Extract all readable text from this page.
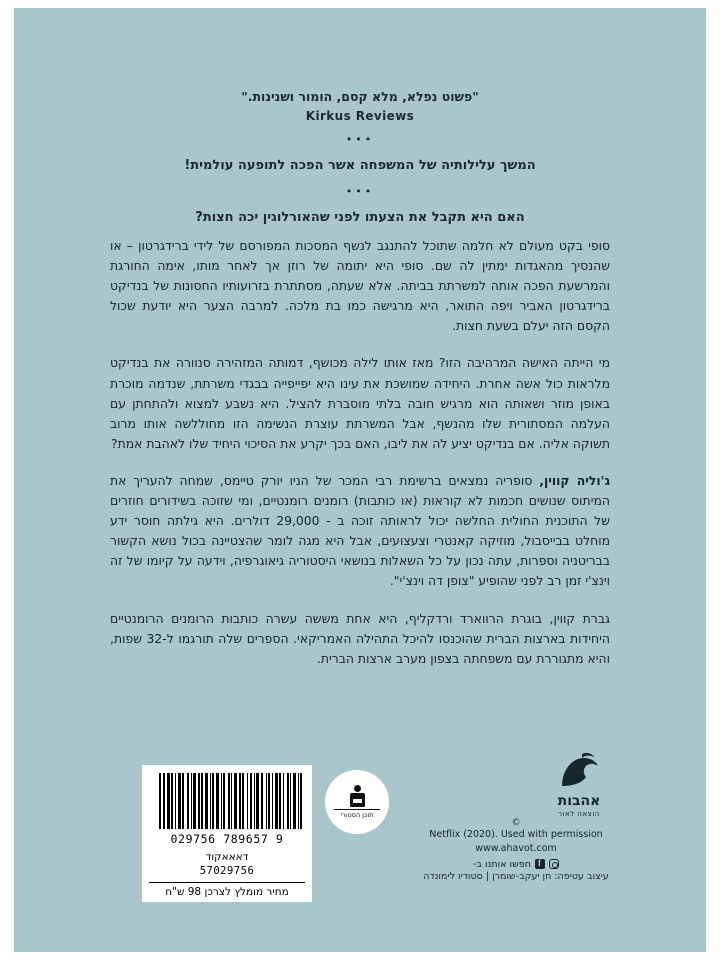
"פשוט נפלא, מלא קסם, הומור ושנינות."
Kirkus Reviews
•••
המשך עלילותיה של המשפחה אשר הפכה לתופעה עולמית!
•••
האם היא תקבל את הצעתו לפני שהאורלוגין יכה חצות?

סופי בקט מעולם לא חלמה שתוכל להתנגב לנשף המסכות המפורסם של לידי ברידגרטון – או שהנסיך מהאגדות ימתין לה שם. סופי היא יתומה של רוזן אך לאחר מותו, אימה החורגת והמרשעת הפכה אותה למשרתת בביתה. אלא שעתה, מסתתרת בזרועותיו החסונות של בנדיקט ברידגרטון האביר ויפה התואר, היא מרגישה כמו בת מלכה. למרבה הצער היא יודעת שכול הקסם הזה יעלם בשעת חצות.

מי הייתה האישה המרהיבה הזו? מאז אותו לילה מכושף, דמותה המזהירה סנוורה את בנדיקט מלראות כול אשה אחרת. היחידה שמושכת את עינו היא יפייפייה בבגדי משרתת, שנדמה מוכרת באופן מוזר ושאותה הוא מרגיש חובה בלתי מוסברת להציל. היא נשבע למצוא ולהתחתן עם העלמה המסתורית שלו מהנשף, אבל המשרתת עוצרת הנשימה הזו מחוללשה אותו מרוב תשוקה אליה. אם בנדיקט יציע לה את ליבו, האם בכך יקרע את הסיכוי היחיד שלו לאהבת אמת?

ג'וליה קווין, סופריה נמצאים ברשימת רבי המכר של הניו יורק טיימס, שמחה להעריך את המיתוס שנושים חכמות לא קוראות (או כותבות) רומנים רומנטיים, ומי שזוכה בשידורים חוזרים של התוכנית החולית החלשה יכול לראותה זוכה ב - 29,000 דולרים. היא גילתה חוסר ידע מוחלט בבייסבול, מוזיקה קאנטרי וצעצועים, אבל היא מגה לומר שהצטיינה בכול נושא הקשור בבריטניה וספרות, עתה נכון על כל השאלות בנושאי היסטוריה גיאוגרפיה, וידעה על קיומו של זה וינצ'י זמן רב לפני שהופיע "צופן דה וינצ'י".

גברת קווין, בוגרת הרווארד ורדקליף, היא אחת מששה עשרה כותבות הרומנים הרומנטיים היחידות בארצות הברית שהוכנסו להיכל התהילה האמריקאי. הספרים שלה תורגמו ל-32 שפות, והיא מתגוררת עם משפחתה בצפון מערב ארצות הברית.

9 789657 029756
דאאאקוד
57029756
מחיר מומלץ לצרכן 98 ש"ח
תוכן הסטורי
אהבות
הוצאה לאור
©
Netflix (2020). Used with permission
www.ahavot.com
f
חפשו אותנו ב-
עיצוב עטיפה: חן יעקב-שומרן | סטודיו לימונדה
